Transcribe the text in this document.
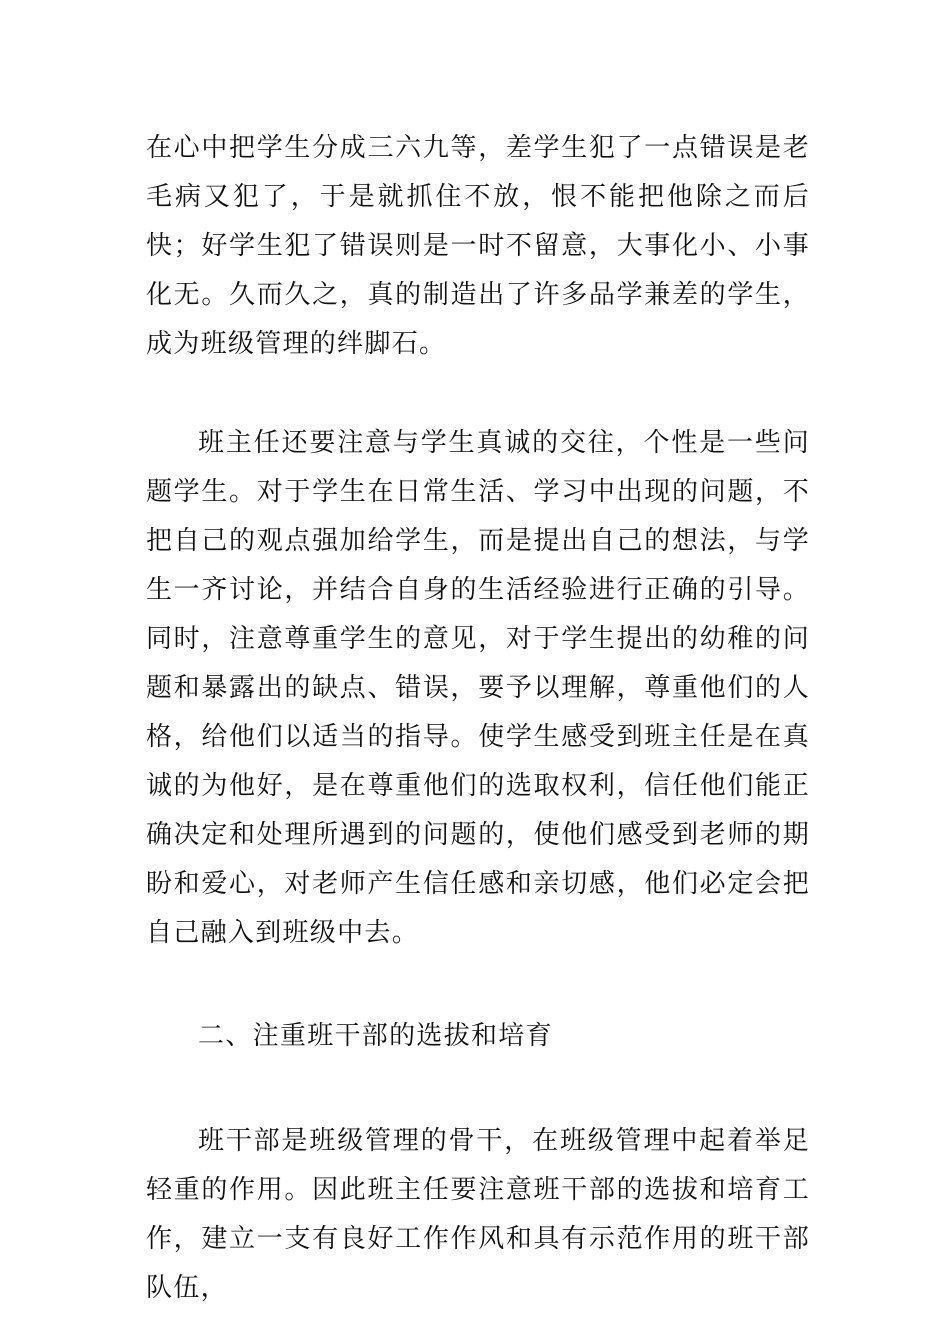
在心中把学生分成三六九等，差学生犯了一点错误是老毛病又犯了，于是就抓住不放，恨不能把他除之而后快；好学生犯了错误则是一时不留意，大事化小、小事化无。久而久之，真的制造出了许多品学兼差的学生，成为班级管理的绊脚石。

班主任还要注意与学生真诚的交往，个性是一些问题学生。对于学生在日常生活、学习中出现的问题，不把自己的观点强加给学生，而是提出自己的想法，与学生一齐讨论，并结合自身的生活经验进行正确的引导。同时，注意尊重学生的意见，对于学生提出的幼稚的问题和暴露出的缺点、错误，要予以理解，尊重他们的人格，给他们以适当的指导。使学生感受到班主任是在真诚的为他好，是在尊重他们的选取权利，信任他们能正确决定和处理所遇到的问题的，使他们感受到老师的期盼和爱心，对老师产生信任感和亲切感，他们必定会把自己融入到班级中去。

二、注重班干部的选拔和培育

班干部是班级管理的骨干，在班级管理中起着举足轻重的作用。因此班主任要注意班干部的选拔和培育工作，建立一支有良好工作作风和具有示范作用的班干部队伍，
